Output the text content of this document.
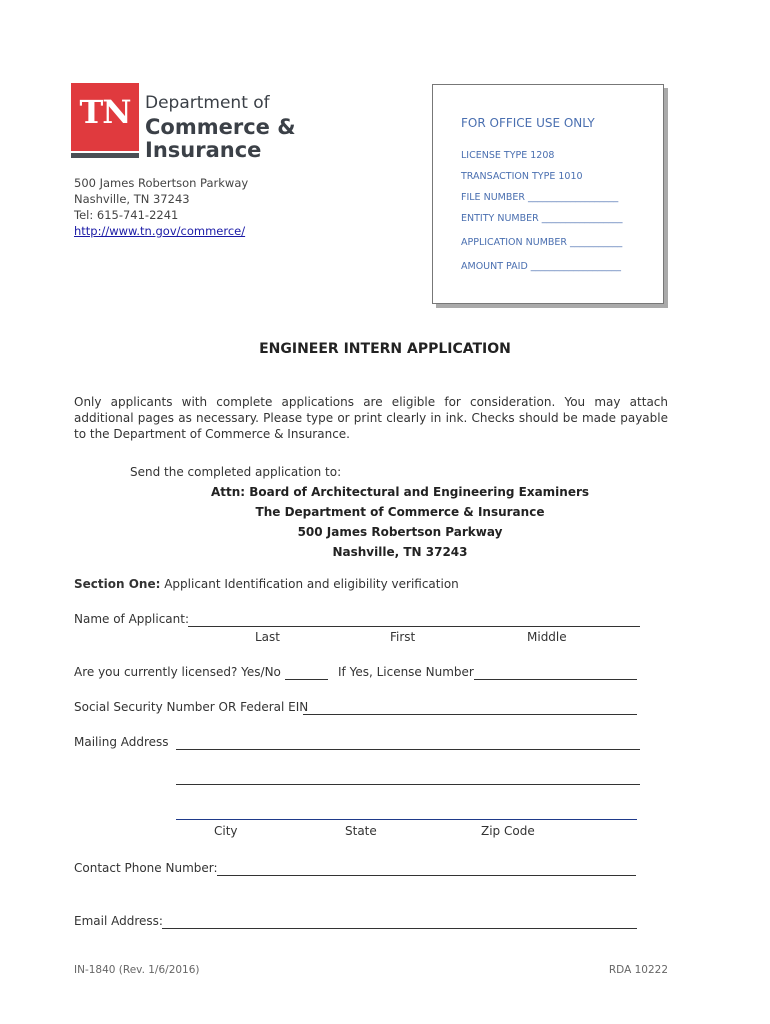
TN Department of
Commerce &
Insurance
500 James Robertson Parkway
Nashville, TN 37243
Tel: 615-741-2241
http://www.tn.gov/commerce/
FOR OFFICE USE ONLY
LICENSE TYPE 1208
TRANSACTION TYPE 1010
FILE NUMBER ___________________
ENTITY NUMBER _________________
APPLICATION NUMBER ___________
AMOUNT PAID ___________________
ENGINEER INTERN APPLICATION
Only applicants with complete applications are eligible for consideration. You may attach additional pages as necessary. Please type or print clearly in ink. Checks should be made payable to the Department of Commerce & Insurance.
Send the completed application to:
Attn: Board of Architectural and Engineering Examiners
The Department of Commerce & Insurance
500 James Robertson Parkway
Nashville, TN 37243
Section One: Applicant Identification and eligibility verification
Name of Applicant:
Last	First	Middle
Are you currently licensed? Yes/No	If Yes, License Number
Social Security Number OR Federal EIN
Mailing Address
City	State	Zip Code
Contact Phone Number:
Email Address:
IN-1840 (Rev. 1/6/2016)	RDA 10222
